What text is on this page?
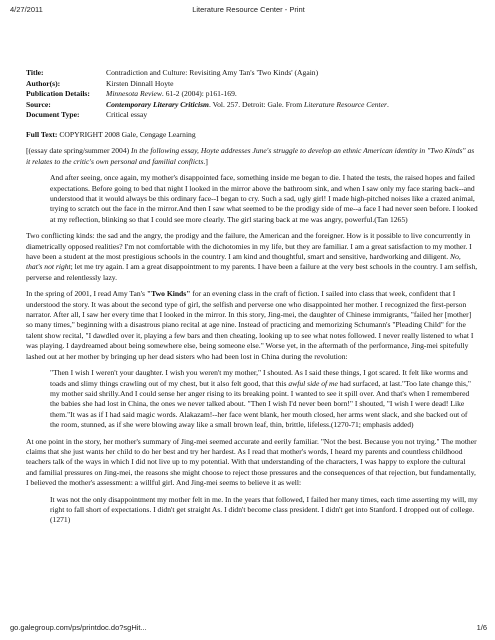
4/27/2011	Literature Resource Center - Print
Title:	Contradiction and Culture: Revisiting Amy Tan's 'Two Kinds' (Again)
Author(s):	Kirsten Dinnall Hoyte
Publication Details:	Minnesota Review. 61-2 (2004): p161-169.
Source:	Contemporary Literary Criticism. Vol. 257. Detroit: Gale. From Literature Resource Center.
Document Type:	Critical essay
Full Text: COPYRIGHT 2008 Gale, Cengage Learning

[(essay date spring/summer 2004) In the following essay, Hoyte addresses June's struggle to develop an ethnic American identity in "Two Kinds" as it relates to the critic's own personal and familial conflicts.]

And after seeing, once again, my mother's disappointed face, something inside me began to die. I hated the tests, the raised hopes and failed expectations. Before going to bed that night I looked in the mirror above the bathroom sink, and when I saw only my face staring back--and understood that it would always be this ordinary face--I began to cry. Such a sad, ugly girl! I made high-pitched noises like a crazed animal, trying to scratch out the face in the mirror.And then I saw what seemed to be the prodigy side of me--a face I had never seen before. I looked at my reflection, blinking so that I could see more clearly. The girl staring back at me was angry, powerful.(Tan 1265)

Two conflicting kinds: the sad and the angry, the prodigy and the failure, the American and the foreigner. How is it possible to live concurrently in diametrically opposed realities? I'm not comfortable with the dichotomies in my life, but they are familiar. I am a great satisfaction to my mother. I have been a student at the most prestigious schools in the country. I am kind and thoughtful, smart and sensitive, hardworking and diligent. No, that's not right; let me try again. I am a great disappointment to my parents. I have been a failure at the very best schools in the country. I am selfish, perverse and relentlessly lazy.

In the spring of 2001, I read Amy Tan's "Two Kinds" for an evening class in the craft of fiction. I sailed into class that week, confident that I understood the story. It was about the second type of girl, the selfish and perverse one who disappointed her mother. I recognized the first-person narrator. After all, I saw her every time that I looked in the mirror. In this story, Jing-mei, the daughter of Chinese immigrants, "failed her [mother] so many times," beginning with a disastrous piano recital at age nine. Instead of practicing and memorizing Schumann's "Pleading Child" for the talent show recital, "I dawdled over it, playing a few bars and then cheating, looking up to see what notes followed. I never really listened to what I was playing. I daydreamed about being somewhere else, being someone else." Worse yet, in the aftermath of the performance, Jing-mei spitefully lashed out at her mother by bringing up her dead sisters who had been lost in China during the revolution:

"Then I wish I weren't your daughter. I wish you weren't my mother," I shouted. As I said these things, I got scared. It felt like worms and toads and slimy things crawling out of my chest, but it also felt good, that this awful side of me had surfaced, at last."Too late change this," my mother said shrilly.And I could sense her anger rising to its breaking point. I wanted to see it spill over. And that's when I remembered the babies she had lost in China, the ones we never talked about. "Then I wish I'd never been born!" I shouted, "I wish I were dead! Like them."It was as if I had said magic words. Alakazam!--her face went blank, her mouth closed, her arms went slack, and she backed out of the room, stunned, as if she were blowing away like a small brown leaf, thin, brittle, lifeless.(1270-71; emphasis added)

At one point in the story, her mother's summary of Jing-mei seemed accurate and eerily familiar. "Not the best. Because you not trying." The mother claims that she just wants her child to do her best and try her hardest. As I read that mother's words, I heard my parents and countless childhood teachers talk of the ways in which I did not live up to my potential. With that understanding of the characters, I was happy to explore the cultural and familial pressures on Jing-mei, the reasons she might choose to reject those pressures and the consequences of that rejection, but fundamentally, I believed the mother's assessment: a willful girl. And Jing-mei seems to believe it as well:

It was not the only disappointment my mother felt in me. In the years that followed, I failed her many times, each time asserting my will, my right to fall short of expectations. I didn't get straight As. I didn't become class president. I didn't get into Stanford. I dropped out of college.(1271)

go.galegroup.com/ps/printdoc.do?sgHit...	1/6
